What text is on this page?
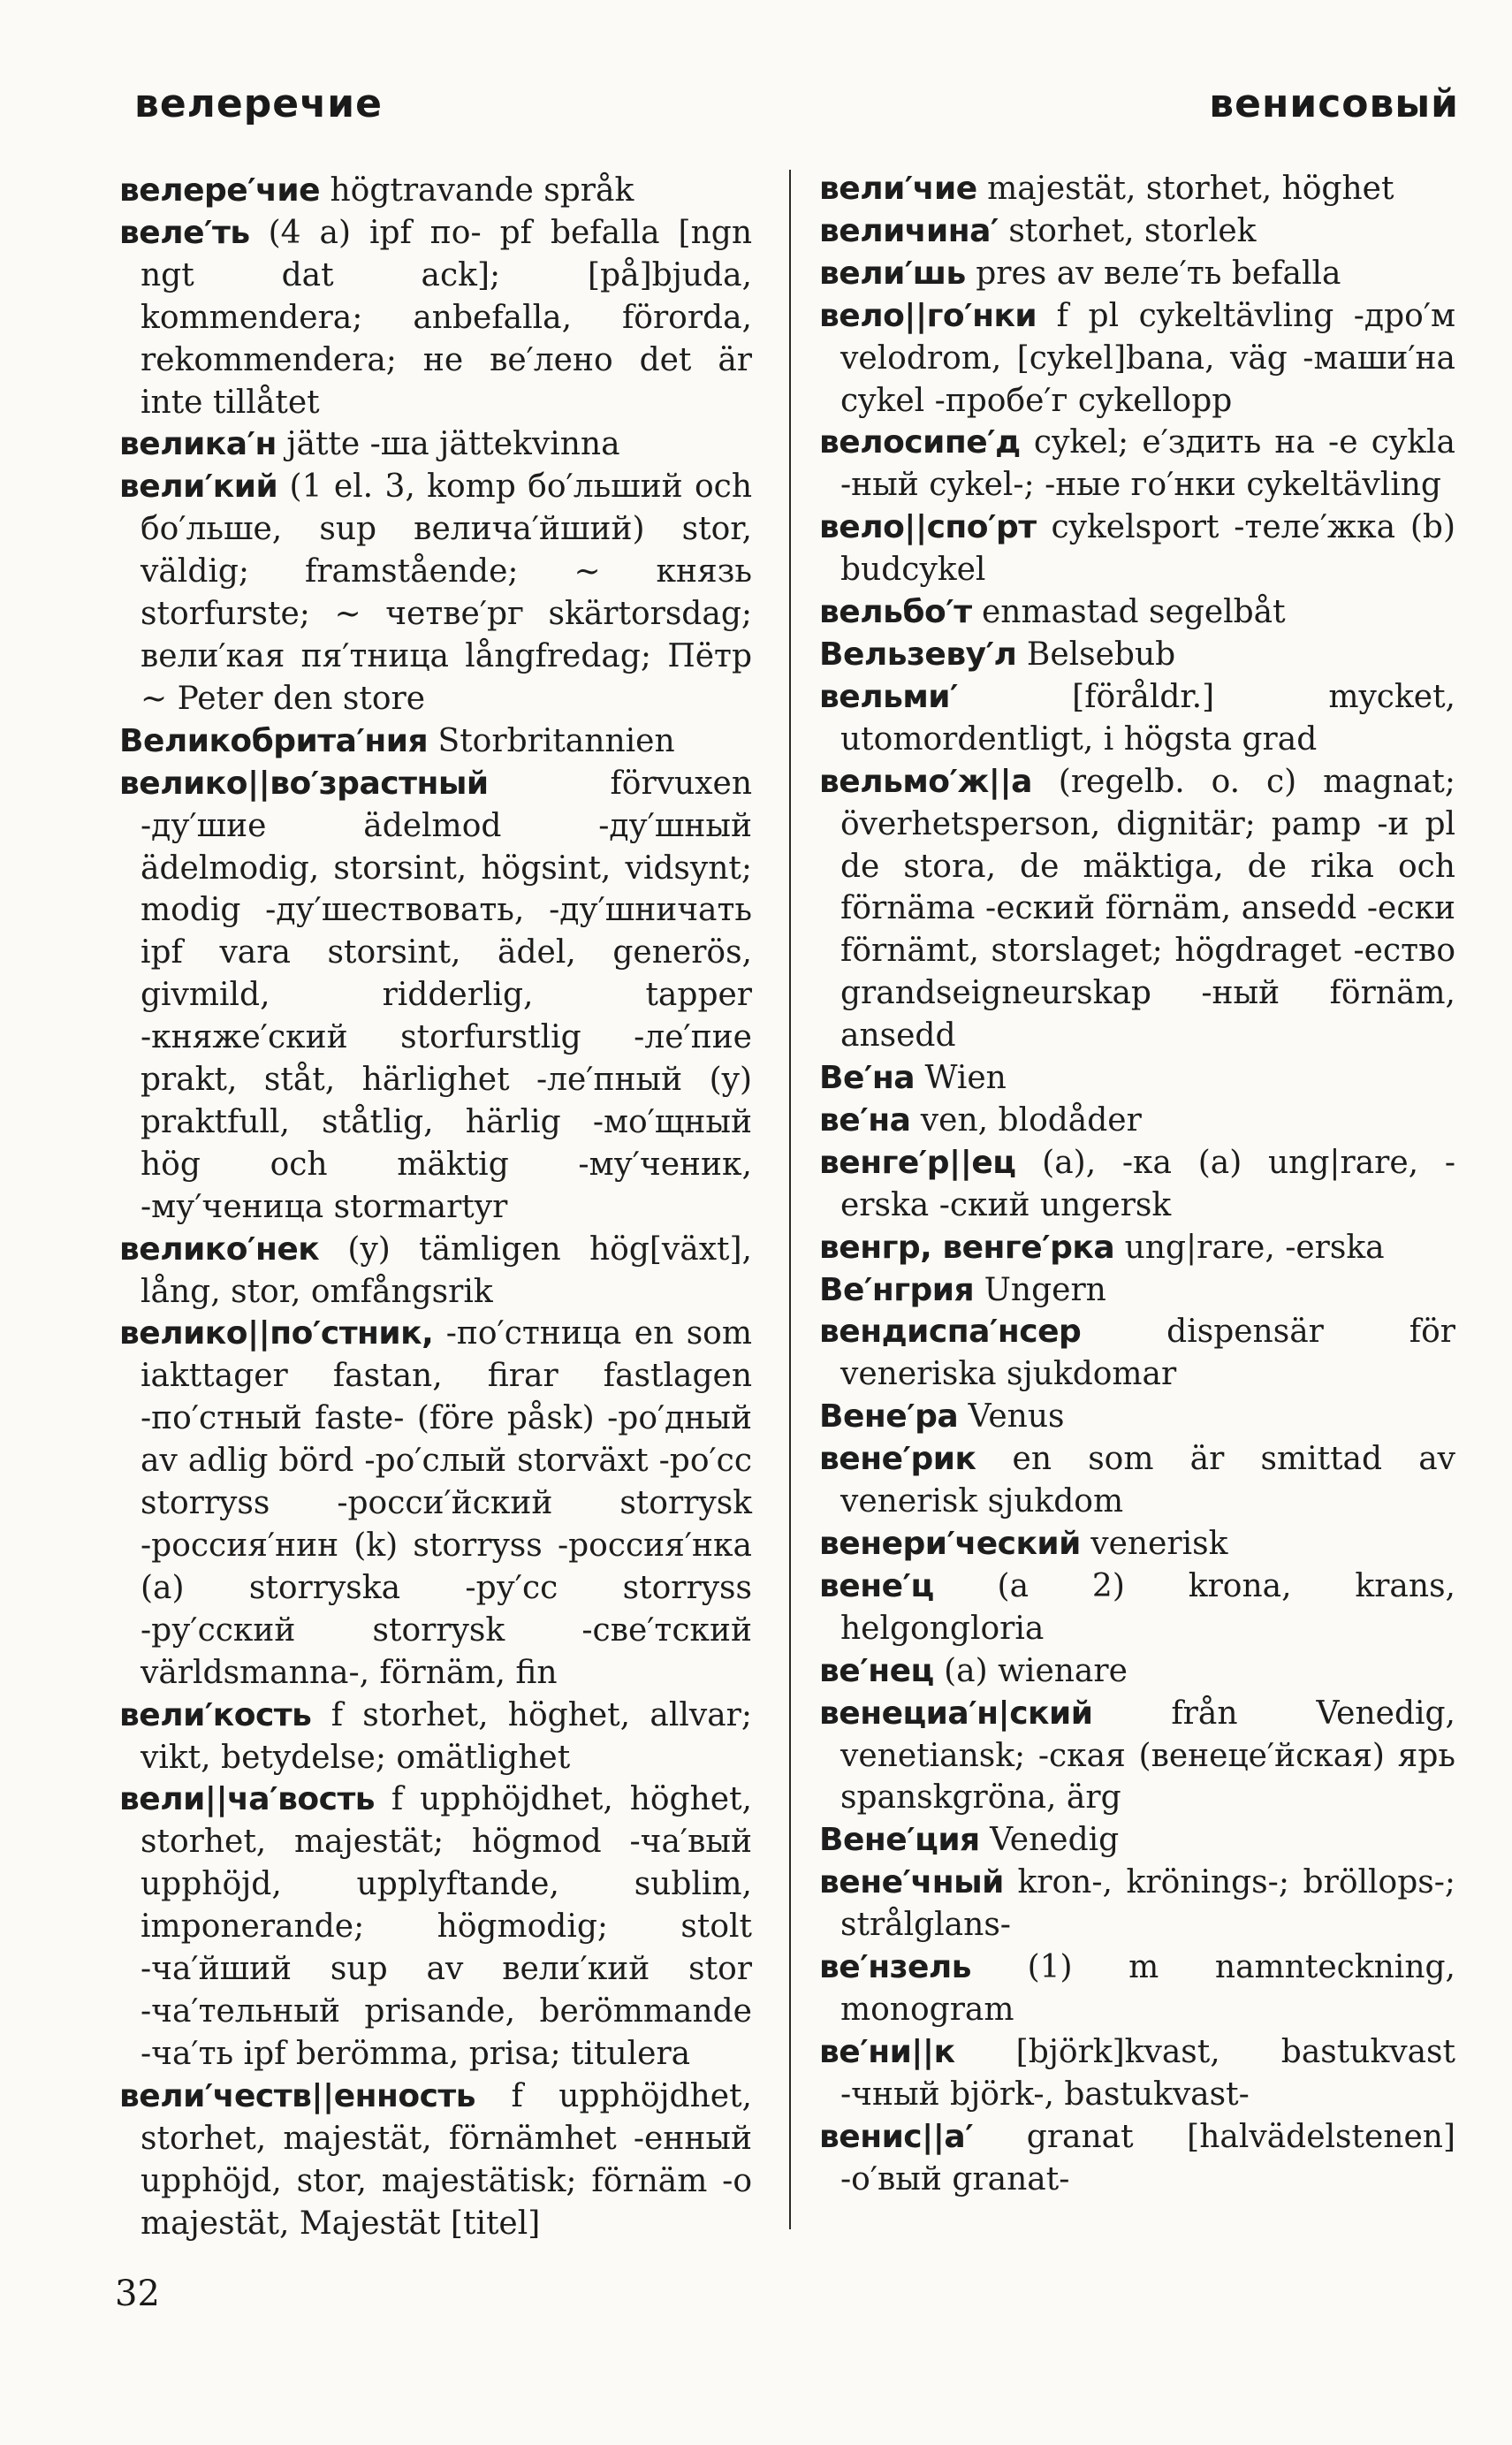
велеречие	венисовый

велере′чие högtravande språk

веле′ть (4 a) ipf по- pf befalla [ngn ngt dat ack]; [på]bjuda, kommendera; anbefalla, förorda, rekommendera; не ве′лено det är inte tillåtet

велика′н jätte -ша jättekvinna

вели′кий (1 el. 3, komp бо′льший och бо′льше, sup велича′йший) stor, väldig; framstående; ~ князь storfurste; ~ четве′рг skärtorsdag; вели′кая пя′тница långfredag; Пётр ~ Peter den store

Великобрита′ния Storbritannien

велико||во′зрастный förvuxen -ду′шие ädelmod -ду′шный ädelmodig, storsint, högsint, vidsynt; modig -ду′шествовать, -ду′шничать ipf vara storsint, ädel, generös, givmild, ridderlig, tapper -княже′ский storfurstlig -ле′пие prakt, ståt, härlighet -ле′пный (y) praktfull, ståtlig, härlig -мо′щный hög och mäktig -му′ченик, -му′ченица stormartyr

велико′нек (y) tämligen hög[växt], lång, stor, omfångsrik

велико||по′стник, -по′стница en som iakttager fastan, firar fastlagen -по′стный faste- (före påsk) -ро′дный av adlig börd -ро′слый storväxt -ро′сс storryss -росси′йский storrysk -россия′нин (k) storryss -россия′нка (a) storryska -ру′сс storryss -ру′сский storrysk -све′тский världsmanna-, förnäm, fin

вели′кость f storhet, höghet, allvar; vikt, betydelse; omätlighet

вели||ча′вость f upphöjdhet, höghet, storhet, majestät; högmod -ча′вый upphöjd, upplyftande, sublim, imponerande; högmodig; stolt -ча′йший sup av вели′кий stor -ча′тельный prisande, berömmande -ча′ть ipf berömma, prisa; titulera

вели′честв||енность f upphöjdhet, storhet, majestät, förnämhet -енный upphöjd, stor, majestätisk; förnäm -о majestät, Majestät [titel]

вели′чие majestät, storhet, höghet

величина′ storhet, storlek

вели′шь pres av веле′ть befalla

вело||го′нки f pl cykeltävling -дро′м velodrom, [cykel]bana, väg -маши′на cykel -пробе′г cykellopp

велосипе′д cykel; е′здить на -е cykla -ный cykel-; -ные го′нки cykeltävling

вело||спо′рт cykelsport -теле′жка (b) budcykel

вельбо′т enmastad segelbåt

Вельзеву′л Belsebub

вельми′ [föråldr.] mycket, utomordentligt, i högsta grad

вельмо′ж||а (regelb. o. c) magnat; överhetsperson, dignitär; pamp -и pl de stora, de mäktiga, de rika och förnäma -еский förnäm, ansedd -ески förnämt, storslaget; högdraget -ество grandseigneurskap -ный förnäm, ansedd

Ве′на Wien

ве′на ven, blodåder

венге′р||ец (a), -ка (a) ung|rare, -erska -ский ungersk

венгр, венге′рка ung|rare, -erska

Ве′нгрия Ungern

вендиспа′нсер dispensär för veneriska sjukdomar

Вене′ра Venus

вене′рик en som är smittad av venerisk sjukdom

венери′ческий venerisk

вене′ц (a 2) krona, krans, helgongloria

ве′нец (a) wienare

венециа′н|ский från Venedig, venetiansk; -ская (венеце′йская) ярь spanskgröna, ärg

Вене′ция Venedig

вене′чный kron-, krönings-; bröllops-; strålglans-

ве′нзель (1) m namnteckning, monogram

ве′ни||к [björk]kvast, bastukvast -чный björk-, bastukvast-

венис||а′ granat [halvädelstenen] -о′вый granat-

32
